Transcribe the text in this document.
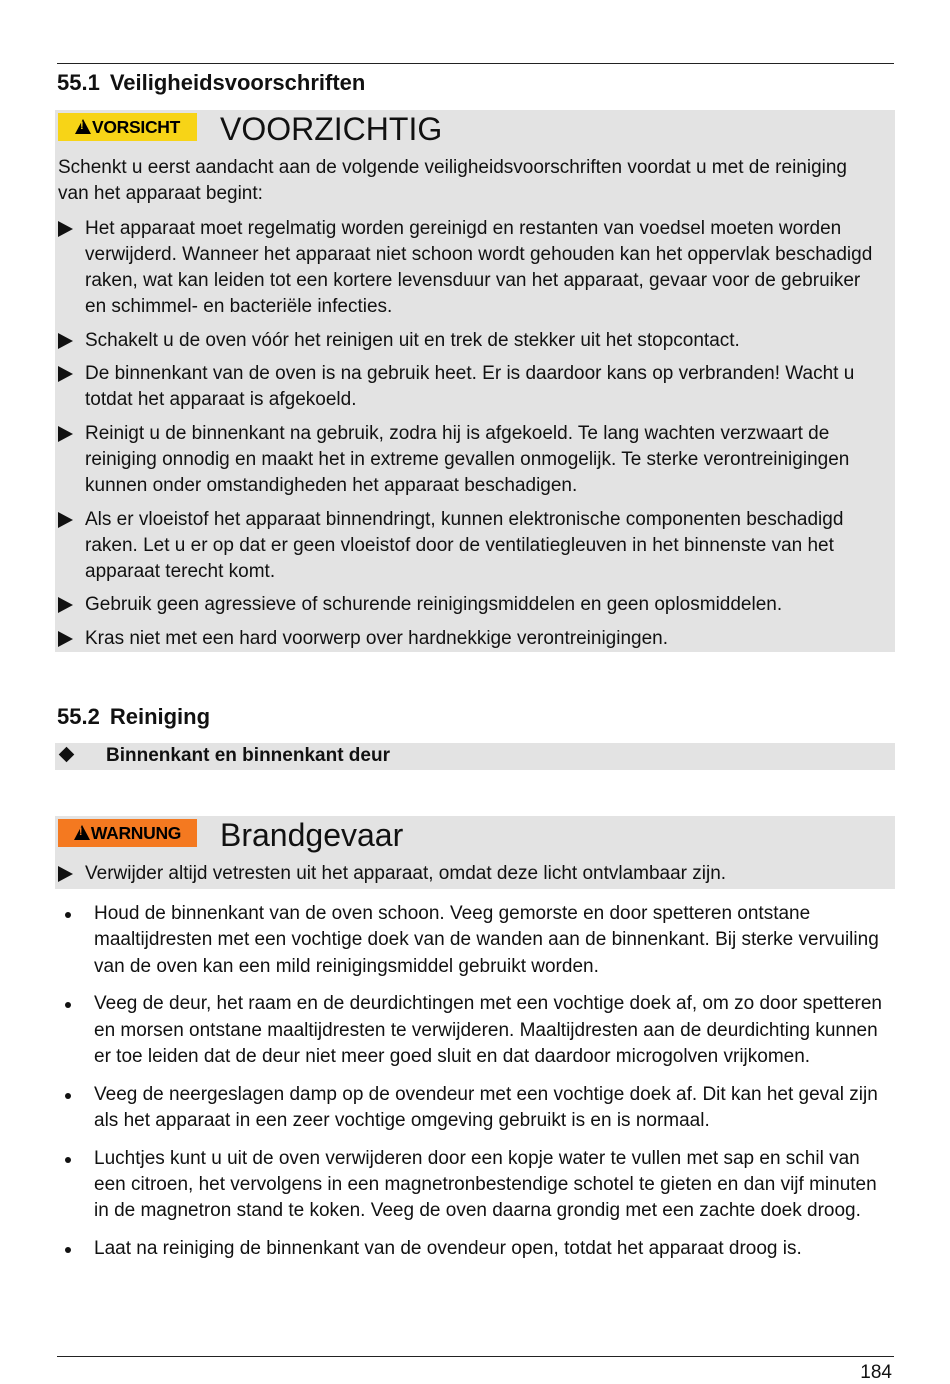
55.1 Veiligheidsvoorschriften
!VORSICHT	VOORZICHTIG
Schenkt u eerst aandacht aan de volgende veiligheidsvoorschriften voordat u met de reiniging van het apparaat begint:
Het apparaat moet regelmatig worden gereinigd en restanten van voedsel moeten worden verwijderd. Wanneer het apparaat niet schoon wordt gehouden kan het oppervlak beschadigd raken, wat kan leiden tot een kortere levensduur van het apparaat, gevaar voor de gebruiker en schimmel- en bacteriële infecties.
Schakelt u de oven vóór het reinigen uit en trek de stekker uit het stopcontact.
De binnenkant van de oven is na gebruik heet. Er is daardoor kans op verbranden! Wacht u totdat het apparaat is afgekoeld.
Reinigt u de binnenkant na gebruik, zodra hij is afgekoeld. Te lang wachten verzwaart de reiniging onnodig en maakt het in extreme gevallen onmogelijk. Te sterke verontreinigingen kunnen onder omstandigheden het apparaat beschadigen.
Als er vloeistof het apparaat binnendringt, kunnen elektronische componenten beschadigd raken. Let u er op dat er geen vloeistof door de ventilatiegleuven in het binnenste van het apparaat terecht komt.
Gebruik geen agressieve of schurende reinigingsmiddelen en geen oplosmiddelen.
Kras niet met een hard voorwerp over hardnekkige verontreinigingen.
55.2 Reiniging
Binnenkant en binnenkant deur
!WARNUNG	Brandgevaar
Verwijder altijd vetresten uit het apparaat, omdat deze licht ontvlambaar zijn.
Houd de binnenkant van de oven schoon. Veeg gemorste en door spetteren ontstane maaltijdresten met een vochtige doek van de wanden aan de binnenkant. Bij sterke vervuiling van de oven kan een mild reinigingsmiddel gebruikt worden.
Veeg de deur, het raam en de deurdichtingen met een vochtige doek af, om zo door spetteren en morsen ontstane maaltijdresten te verwijderen. Maaltijdresten aan de deurdichting kunnen er toe leiden dat de deur niet meer goed sluit en dat daardoor microgolven vrijkomen.
Veeg de neergeslagen damp op de ovendeur met een vochtige doek af. Dit kan het geval zijn als het apparaat in een zeer vochtige omgeving gebruikt is en is normaal.
Luchtjes kunt u uit de oven verwijderen door een kopje water te vullen met sap en schil van een citroen, het vervolgens in een magnetronbestendige schotel te gieten en dan vijf minuten in de magnetron stand te koken. Veeg de oven daarna grondig met een zachte doek droog.
Laat na reiniging de binnenkant van de ovendeur open, totdat het apparaat droog is.
184
